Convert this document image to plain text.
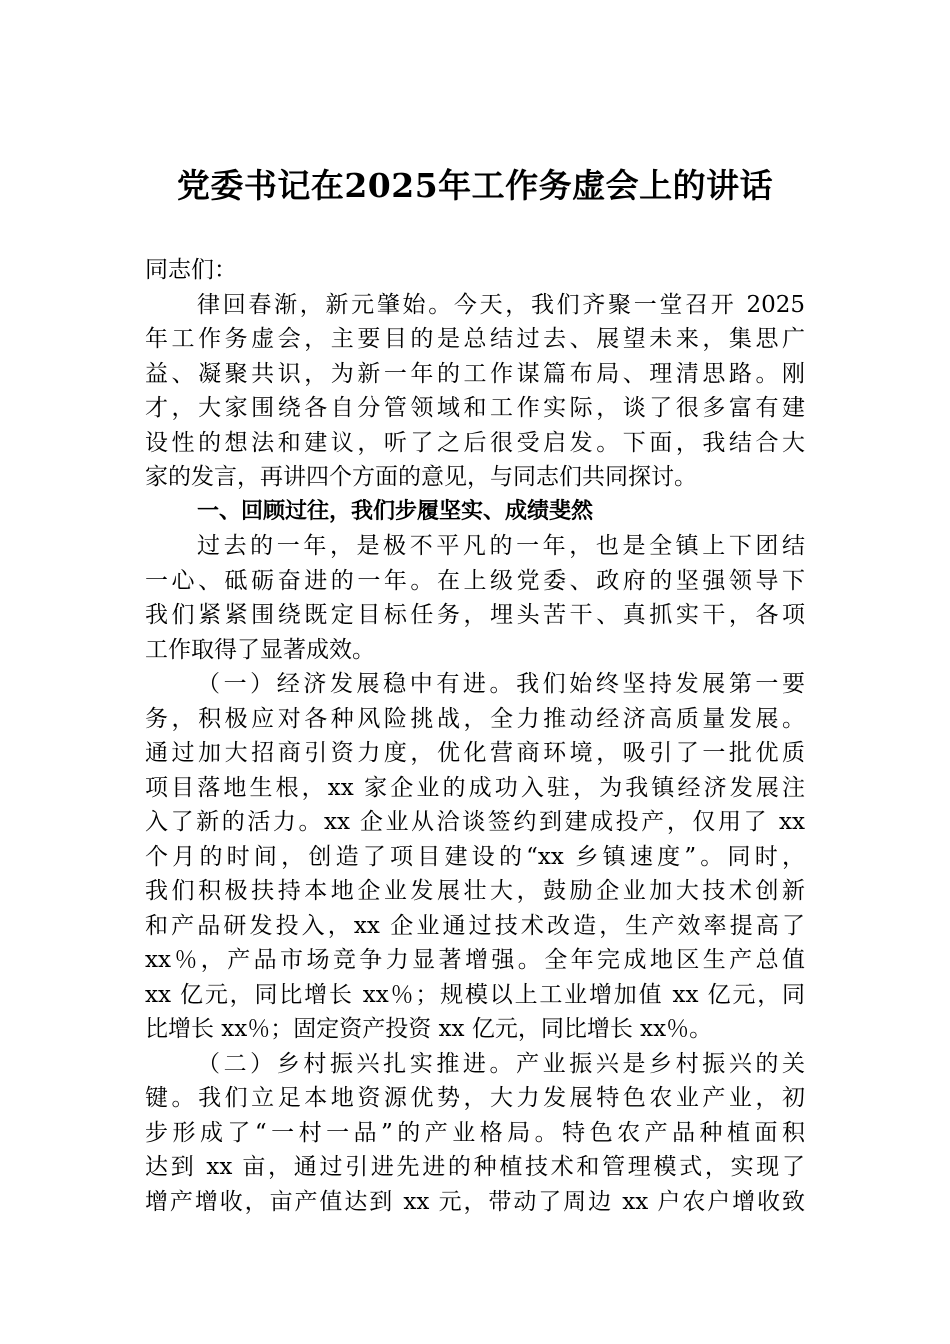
党委书记在2025年工作务虚会上的讲话
同志们：
律回春渐，新元肇始。今天，我们齐聚一堂召开 2025
年工作务虚会，主要目的是总结过去、展望未来，集思广
益、凝聚共识，为新一年的工作谋篇布局、理清思路。刚
才，大家围绕各自分管领域和工作实际，谈了很多富有建
设性的想法和建议，听了之后很受启发。下面，我结合大
家的发言，再讲四个方面的意见，与同志们共同探讨。
一、回顾过往，我们步履坚实、成绩斐然
过去的一年，是极不平凡的一年，也是全镇上下团结
一心、砥砺奋进的一年。在上级党委、政府的坚强领导下
我们紧紧围绕既定目标任务，埋头苦干、真抓实干，各项
工作取得了显著成效。
（一）经济发展稳中有进。我们始终坚持发展第一要
务，积极应对各种风险挑战，全力推动经济高质量发展。
通过加大招商引资力度，优化营商环境，吸引了一批优质
项目落地生根，xx 家企业的成功入驻，为我镇经济发展注
入了新的活力。xx 企业从洽谈签约到建成投产，仅用了 xx
个月的时间，创造了项目建设的“xx 乡镇速度”。同时，
我们积极扶持本地企业发展壮大，鼓励企业加大技术创新
和产品研发投入，xx 企业通过技术改造，生产效率提高了
xx％，产品市场竞争力显著增强。全年完成地区生产总值
xx 亿元，同比增长 xx％；规模以上工业增加值 xx 亿元，同
比增长 xx％；固定资产投资 xx 亿元，同比增长 xx％。
（二）乡村振兴扎实推进。产业振兴是乡村振兴的关
键。我们立足本地资源优势，大力发展特色农业产业，初
步形成了“一村一品”的产业格局。特色农产品种植面积
达到 xx 亩，通过引进先进的种植技术和管理模式，实现了
增产增收，亩产值达到 xx 元，带动了周边 xx 户农户增收致
